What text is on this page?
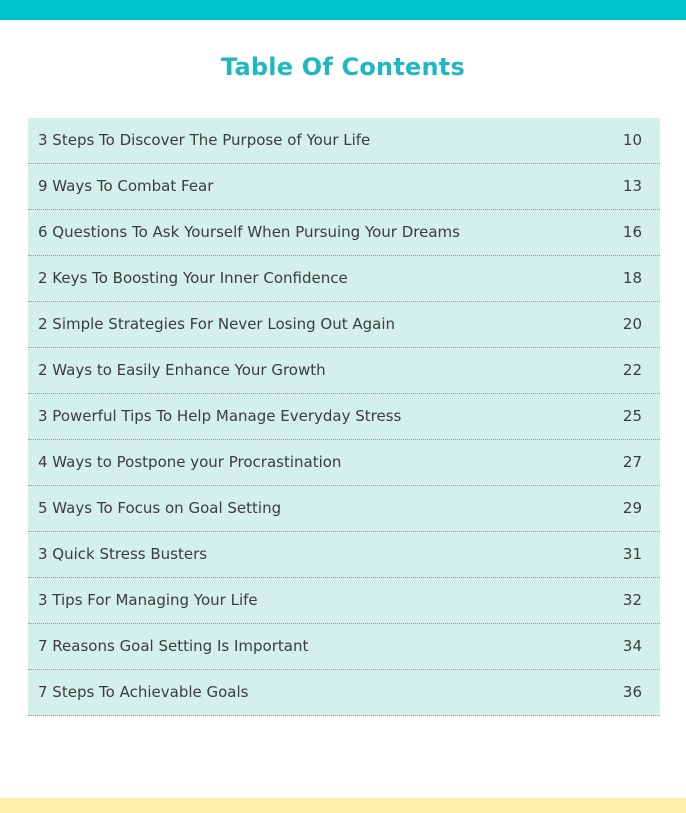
Table Of Contents
3 Steps To Discover The Purpose of Your Life	10
9 Ways To Combat Fear	13
6 Questions To Ask Yourself When Pursuing Your Dreams	16
2 Keys To Boosting Your Inner Confidence	18
2 Simple Strategies For Never Losing Out Again	20
2 Ways to Easily Enhance Your Growth	22
3 Powerful Tips To Help Manage Everyday Stress	25
4 Ways to Postpone your Procrastination	27
5 Ways To Focus on Goal Setting	29
3 Quick Stress Busters	31
3 Tips For Managing Your Life	32
7 Reasons Goal Setting Is Important	34
7 Steps To Achievable Goals	36
